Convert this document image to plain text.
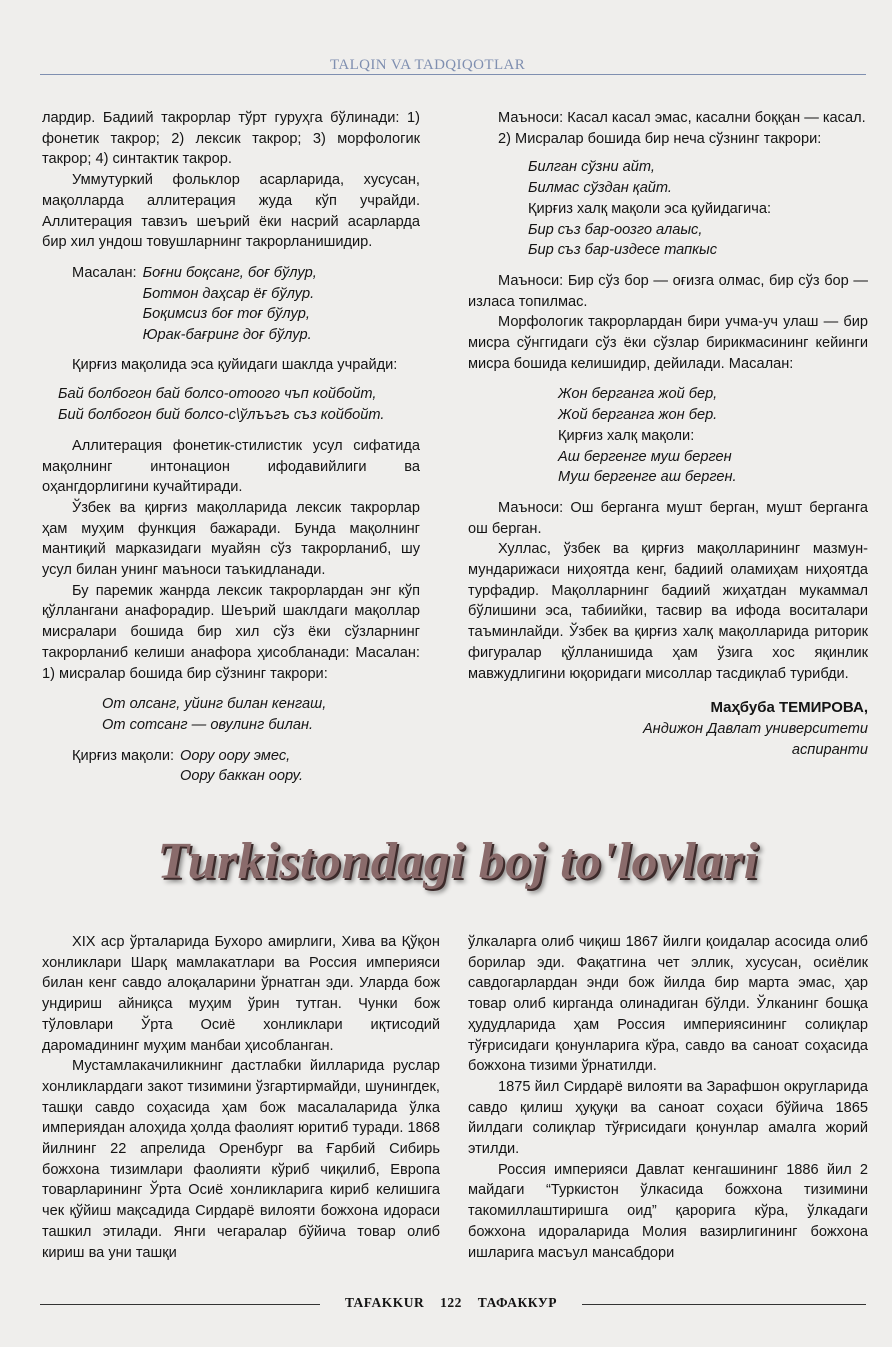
TALQIN VA TADQIQOTLAR

лардир. Бадиий такрорлар тўрт гуруҳга бўлинади: 1) фонетик такрор; 2) лексик такрор; 3) морфологик такрор; 4) синтактик такрор.

Уммутуркий фольклор асарларида, хусусан, мақолларда аллитерация жуда кўп учрайди. Аллитерация тавзиъ шеърий ёки насрий асарларда бир хил ундош товушларнинг такрорланишидир.

Масалан: Боғни боқсанг, боғ бўлур,
Ботмон даҳсар ёғ бўлур.
Боқимсиз боғ тоғ бўлур,
Юрак-бағринг доғ бўлур.

Қирғиз мақолида эса қуйидаги шаклда учрайди:

Бай болбогон бай болсо-отоого чъп койбойт,
Бий болбогон бий болсо-с\ўлъъгъ съз койбойт.

Аллитерация фонетик-стилистик усул сифатида мақолнинг интонацион ифодавийлиги ва оҳангдорлигини кучайтиради.

Ўзбек ва қирғиз мақолларида лексик такрорлар ҳам муҳим функция бажаради. Бунда мақолнинг мантиқий марказидаги муайян сўз такрорланиб, шу усул билан унинг маъноси таъкидланади.

Бу паремик жанрда лексик такрорлардан энг кўп қўллангани анафорадир. Шеърий шаклдаги мақоллар мисралари бошида бир хил сўз ёки сўзларнинг такрорланиб келиши анафора ҳисобланади: Масалан: 1) мисралар бошида бир сўзнинг такрори:

От олсанг, уйинг билан кенгаш,
От сотсанг — овулинг билан.
Қирғиз мақоли: Оору оору эмес,
Оору баккан оору.

Маъноси: Касал касал эмас, касални боққан — касал.

2) Мисралар бошида бир неча сўзнинг такрори:

Билган сўзни айт,
Билмас сўздан қайт.
Қирғиз халқ мақоли эса қуйидагича:
Бир съз бар-оозго алаыс,
Бир съз бар-издесе тапкыс

Маъноси: Бир сўз бор — оғизга олмас, бир сўз бор — изласа топилмас.

Морфологик такрорлардан бири учма-уч улаш — бир мисра сўнггидаги сўз ёки сўзлар бирикмасининг кейинги мисра бошида келишидир, дейилади. Масалан:

Жон берганга жой бер,
Жой берганга жон бер.
Қирғиз халқ мақоли:
Аш бергенге муш берген
Муш бергенге аш берген.

Маъноси: Ош берганга мушт берган, мушт берганга ош берган.

Хуллас, ўзбек ва қирғиз мақолларининг мазмун-мундарижаси ниҳоятда кенг, бадиий оламиҳам ниҳоятда турфадир. Мақолларнинг бадиий жиҳатдан мукаммал бўлишини эса, табиийки, тасвир ва ифода воситалари таъминлайди. Ўзбек ва қирғиз халқ мақолларида риторик фигуралар қўлланишида ҳам ўзига хос яқинлик мавжудлигини юқоридаги мисоллар тасдиқлаб турибди.

Маҳбуба ТЕМИРОВА,
Андижон Давлат университети
аспиранти
Turkistondagi boj to'lovlari

XIX аср ўрталарида Бухоро амирлиги, Хива ва Қўқон хонликлари Шарқ мамлакатлари ва Россия империяси билан кенг савдо алоқаларини ўрнатган эди. Уларда бож ундириш айниқса муҳим ўрин тутган. Чунки бож тўловлари Ўрта Осиё хонликлари иқтисодий даромадининг муҳим манбаи ҳисобланган.

Мустамлакачиликнинг дастлабки йилларида руслар хонликлардаги закот тизимини ўзгартирмайди, шунингдек, ташқи савдо соҳасида ҳам бож масалаларида ўлка империядан алоҳида ҳолда фаолият юритиб туради. 1868 йилнинг 22 апрелида Оренбург ва Ғарбий Сибирь божхона тизимлари фаолияти кўриб чиқилиб, Европа товарларининг Ўрта Осиё хонликларига кириб келишига чек қўйиш мақсадида Сирдарё вилояти божхона идораси ташкил этилади. Янги чегаралар бўйича товар олиб кириш ва уни ташқи

ўлкаларга олиб чиқиш 1867 йилги қоидалар асосида олиб борилар эди. Фақатгина чет эллик, хусусан, осиёлик савдогарлардан энди бож йилда бир марта эмас, ҳар товар олиб кирганда олинадиган бўлди. Ўлканинг бошқа ҳудудларида ҳам Россия империясининг солиқлар тўғрисидаги қонунларига кўра, савдо ва саноат соҳасида божхона тизими ўрнатилди.

1875 йил Сирдарё вилояти ва Зарафшон округларида савдо қилиш ҳуқуқи ва саноат соҳаси бўйича 1865 йилдаги солиқлар тўғрисидаги қонунлар амалга жорий этилди.

Россия империяси Давлат кенгашининг 1886 йил 2 майдаги “Туркистон ўлкасида божхона тизимини такомиллаштиришга оид” қарорига кўра, ўлкадаги божхона идораларида Молия вазирлигининг божхона ишларига масъул мансабдори

TAFAKKUR 122 ТАФАККУР
